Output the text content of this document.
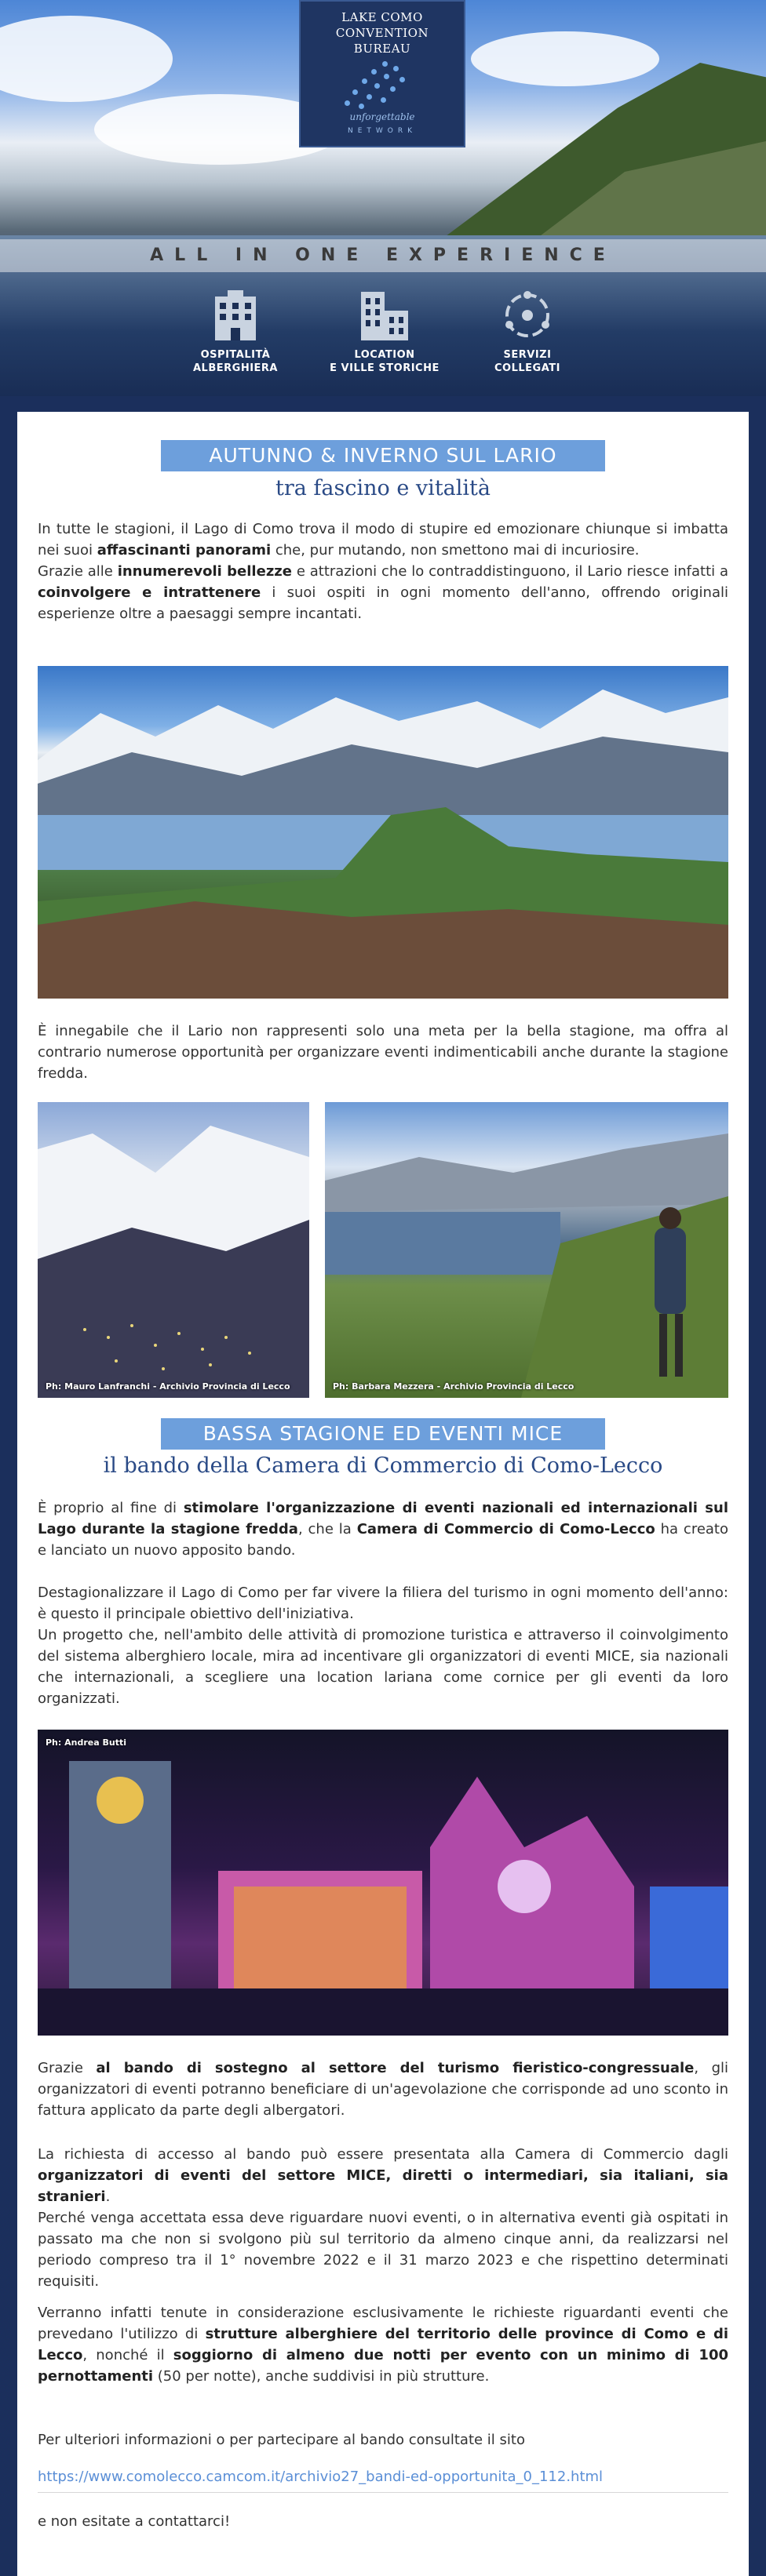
LAKE COMO
CONVENTION
BUREAU
unforgettable
NETWORK
ALL IN ONE EXPERIENCE
OSPITALITÀ
ALBERGHIERA
LOCATION
E VILLE STORICHE
SERVIZI
COLLEGATI
AUTUNNO & INVERNO SUL LARIO
tra fascino e vitalità
In tutte le stagioni, il Lago di Como trova il modo di stupire ed emozionare chiunque si imbatta nei suoi affascinanti panorami che, pur mutando, non smettono mai di incuriosire.
Grazie alle innumerevoli bellezze e attrazioni che lo contraddistinguono, il Lario riesce infatti a coinvolgere e intrattenere i suoi ospiti in ogni momento dell'anno, offrendo originali esperienze oltre a paesaggi sempre incantati.
È innegabile che il Lario non rappresenti solo una meta per la bella stagione, ma offra al contrario numerose opportunità per organizzare eventi indimenticabili anche durante la stagione fredda.
Ph: Mauro Lanfranchi - Archivio Provincia di Lecco	Ph: Barbara Mezzera - Archivio Provincia di Lecco
BASSA STAGIONE ED EVENTI MICE
il bando della Camera di Commercio di Como-Lecco
È proprio al fine di stimolare l'organizzazione di eventi nazionali ed internazionali sul Lago durante la stagione fredda, che la Camera di Commercio di Como-Lecco ha creato e lanciato un nuovo apposito bando.
Destagionalizzare il Lago di Como per far vivere la filiera del turismo in ogni momento dell'anno: è questo il principale obiettivo dell'iniziativa.
Un progetto che, nell'ambito delle attività di promozione turistica e attraverso il coinvolgimento del sistema alberghiero locale, mira ad incentivare gli organizzatori di eventi MICE, sia nazionali che internazionali, a scegliere una location lariana come cornice per gli eventi da loro organizzati.
Ph: Andrea Butti
Grazie al bando di sostegno al settore del turismo fieristico-congressuale, gli organizzatori di eventi potranno beneficiare di un'agevolazione che corrisponde ad uno sconto in fattura applicato da parte degli albergatori.
La richiesta di accesso al bando può essere presentata alla Camera di Commercio dagli organizzatori di eventi del settore MICE, diretti o intermediari, sia italiani, sia stranieri.
Perché venga accettata essa deve riguardare nuovi eventi, o in alternativa eventi già ospitati in passato ma che non si svolgono più sul territorio da almeno cinque anni, da realizzarsi nel periodo compreso tra il 1° novembre 2022 e il 31 marzo 2023 e che rispettino determinati requisiti.
Verranno infatti tenute in considerazione esclusivamente le richieste riguardanti eventi che prevedano l'utilizzo di strutture alberghiere del territorio delle province di Como e di Lecco, nonché il soggiorno di almeno due notti per evento con un minimo di 100 pernottamenti (50 per notte), anche suddivisi in più strutture.
Per ulteriori informazioni o per partecipare al bando consultate il sito
https://www.comolecco.camcom.it/archivio27_bandi-ed-opportunita_0_112.html
e non esitate a contattarci!
